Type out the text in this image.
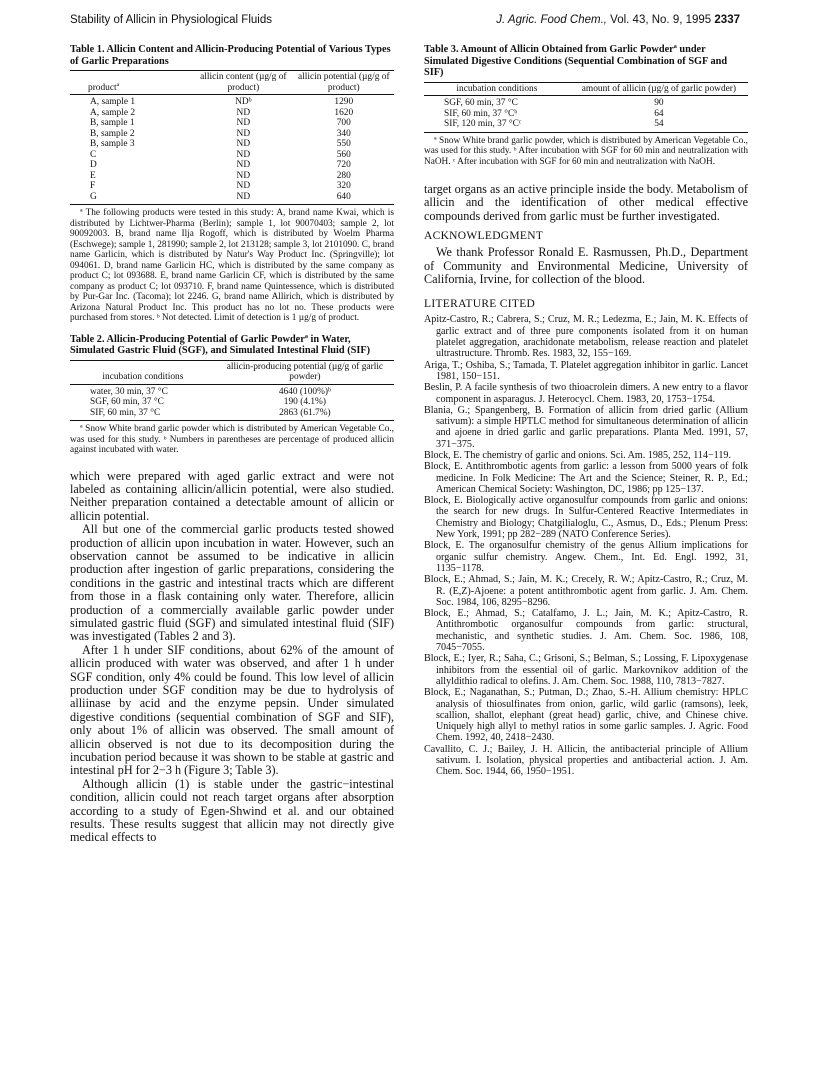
Stability of Allicin in Physiological Fluids	J. Agric. Food Chem., Vol. 43, No. 9, 1995 2337

Table 1. Allicin Content and Allicin-Producing Potential of Various Types of Garlic Preparations

productª	allicin content (µg/g of product)	allicin potential (µg/g of product)
A, sample 1	NDᵇ	1290
A, sample 2	ND	1620
B, sample 1	ND	700
B, sample 2	ND	340
B, sample 3	ND	550
C	ND	560
D	ND	720
E	ND	280
F	ND	320
G	ND	640

ª The following products were tested in this study: A, brand name Kwai, which is distributed by Lichtwer-Pharma (Berlin); sample 1, lot 90070403; sample 2, lot 90092003. B, brand name Ilja Rogoff, which is distributed by Woelm Pharma (Eschwege); sample 1, 281990; sample 2, lot 213128; sample 3, lot 2101090. C, brand name Garlicin, which is distributed by Natur's Way Product Inc. (Springville); lot 094061. D, brand name Garlicin HC, which is distributed by the same company as product C; lot 093688. E, brand name Garlicin CF, which is distributed by the same company as product C; lot 093710. F, brand name Quintessence, which is distributed by Pur-Gar Inc. (Tacoma); lot 2246. G, brand name Allirich, which is distributed by Arizona Natural Product Inc. This product has no lot no. These products were purchased from stores. ᵇ Not detected. Limit of detection is 1 µg/g of product.

Table 2. Allicin-Producing Potential of Garlic Powderª in Water, Simulated Gastric Fluid (SGF), and Simulated Intestinal Fluid (SIF)

incubation conditions	allicin-producing potential (µg/g of garlic powder)
water, 30 min, 37 °C	4640 (100%)ᵇ
SGF, 60 min, 37 °C	190 (4.1%)
SIF, 60 min, 37 °C	2863 (61.7%)

ª Snow White brand garlic powder which is distributed by American Vegetable Co., was used for this study. ᵇ Numbers in parentheses are percentage of produced allicin against incubated with water.

which were prepared with aged garlic extract and were not labeled as containing allicin/allicin potential, were also studied. Neither preparation contained a detectable amount of allicin or allicin potential.

All but one of the commercial garlic products tested showed production of allicin upon incubation in water. However, such an observation cannot be assumed to be indicative in allicin production after ingestion of garlic preparations, considering the conditions in the gastric and intestinal tracts which are different from those in a flask containing only water. Therefore, allicin production of a commercially available garlic powder under simulated gastric fluid (SGF) and simulated intestinal fluid (SIF) was investigated (Tables 2 and 3).

After 1 h under SIF conditions, about 62% of the amount of allicin produced with water was observed, and after 1 h under SGF condition, only 4% could be found. This low level of allicin production under SGF condition may be due to hydrolysis of alliinase by acid and the enzyme pepsin. Under simulated digestive conditions (sequential combination of SGF and SIF), only about 1% of allicin was observed. The small amount of allicin observed is not due to its decomposition during the incubation period because it was shown to be stable at gastric and intestinal pH for 2−3 h (Figure 3; Table 3).

Although allicin (1) is stable under the gastric−intestinal condition, allicin could not reach target organs after absorption according to a study of Egen-Shwind et al. and our obtained results. These results suggest that allicin may not directly give medical effects to

Table 3. Amount of Allicin Obtained from Garlic Powderª under Simulated Digestive Conditions (Sequential Combination of SGF and SIF)

incubation conditions	amount of allicin (µg/g of garlic powder)
SGF, 60 min, 37 °C	90
SIF, 60 min, 37 °Cᵇ	64
SIF, 120 min, 37 °Cᶜ	54

ª Snow White brand garlic powder, which is distributed by American Vegetable Co., was used for this study. ᵇ After incubation with SGF for 60 min and neutralization with NaOH. ᶜ After incubation with SGF for 60 min and neutralization with NaOH.

target organs as an active principle inside the body. Metabolism of allicin and the identification of other medical effective compounds derived from garlic must be further investigated.

ACKNOWLEDGMENT

We thank Professor Ronald E. Rasmussen, Ph.D., Department of Community and Environmental Medicine, University of California, Irvine, for collection of the blood.

LITERATURE CITED

Apitz-Castro, R.; Cabrera, S.; Cruz, M. R.; Ledezma, E.; Jain, M. K. Effects of garlic extract and of three pure components isolated from it on human platelet aggregation, arachidonate metabolism, release reaction and platelet ultrastructure. Thromb. Res. 1983, 32, 155−169.

Ariga, T.; Oshiba, S.; Tamada, T. Platelet aggregation inhibitor in garlic. Lancet 1981, 150−151.

Beslin, P. A facile synthesis of two thioacrolein dimers. A new entry to a flavor component in asparagus. J. Heterocycl. Chem. 1983, 20, 1753−1754.

Blania, G.; Spangenberg, B. Formation of allicin from dried garlic (Allium sativum): a simple HPTLC method for simultaneous determination of allicin and ajoene in dried garlic and garlic preparations. Planta Med. 1991, 57, 371−375.

Block, E. The chemistry of garlic and onions. Sci. Am. 1985, 252, 114−119.

Block, E. Antithrombotic agents from garlic: a lesson from 5000 years of folk medicine. In Folk Medicine: The Art and the Science; Steiner, R. P., Ed.; American Chemical Society: Washington, DC, 1986; pp 125−137.

Block, E. Biologically active organosulfur compounds from garlic and onions: the search for new drugs. In Sulfur-Centered Reactive Intermediates in Chemistry and Biology; Chatgilialoglu, C., Asmus, D., Eds.; Plenum Press: New York, 1991; pp 282−289 (NATO Conference Series).

Block, E. The organosulfur chemistry of the genus Allium implications for organic sulfur chemistry. Angew. Chem., Int. Ed. Engl. 1992, 31, 1135−1178.

Block, E.; Ahmad, S.; Jain, M. K.; Crecely, R. W.; Apitz-Castro, R.; Cruz, M. R. (E,Z)-Ajoene: a potent antithrombotic agent from garlic. J. Am. Chem. Soc. 1984, 106, 8295−8296.

Block, E.; Ahmad, S.; Catalfamo, J. L.; Jain, M. K.; Apitz-Castro, R. Antithrombotic organosulfur compounds from garlic: structural, mechanistic, and synthetic studies. J. Am. Chem. Soc. 1986, 108, 7045−7055.

Block, E.; Iyer, R.; Saha, C.; Grisoni, S.; Belman, S.; Lossing, F. Lipoxygenase inhibitors from the essential oil of garlic. Markovnikov addition of the allyldithio radical to olefins. J. Am. Chem. Soc. 1988, 110, 7813−7827.

Block, E.; Naganathan, S.; Putman, D.; Zhao, S.-H. Allium chemistry: HPLC analysis of thiosulfinates from onion, garlic, wild garlic (ramsons), leek, scallion, shallot, elephant (great head) garlic, chive, and Chinese chive. Uniquely high allyl to methyl ratios in some garlic samples. J. Agric. Food Chem. 1992, 40, 2418−2430.

Cavallito, C. J.; Bailey, J. H. Allicin, the antibacterial principle of Allium sativum. I. Isolation, physical properties and antibacterial action. J. Am. Chem. Soc. 1944, 66, 1950−1951.
